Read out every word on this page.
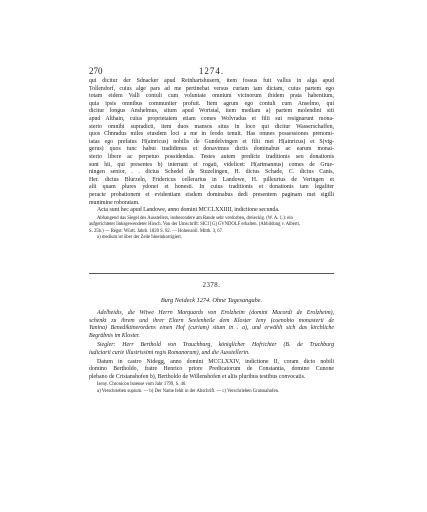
270	1274.

qui dicitur der Sdnacker apud Reinhartshusern, item fossus fuit vallus in alga apud
Tollendorf, cuius alge pars ad me pertinebat versus curiam iam dictam, cuius partem ego
totam eidem Valli contuli cum voluntate omnium vicinorum ibidem prata habentium,
quia ipsis omnibus communiter profuit. Item agrum ego contuli cum Anselmo, qui
dicitur longus Anshelmus, situm apud Wortstal, item mediam a) partem molendini siti
apud Althain, cuius proprietatem etiam comes Wolvradus et filii sui resignarunt mona-
sterio omnibi supradicti, item duos mansos situs in loco qui dicitur Wasserschaffen,
quos Chnradus miles eiusdem loci a me in feodo tenuit. Has omnes possessiones prenomi-
tatas ego prefatus H(ainricus) nobilis de Gundelvingen et filii mei H(ainricus) et S(vig-
gerus) quos tunc habui tradidimus et donavimus dictis dominabus ac earum monai-
sterio libere ac perpetuo possidendas. Testes autem predicte traditionis seu donationis
sunt hii, qui presentes b) interrant et rogati, videlicet: H(artmannus) comes de Grue-
ningen senior, . . dictus Schedel de Stuzelingen, H. dictus Schade, C. dictus Canis,
Her. dictus Blurzeln, Fridericus cellerarius in Landowe, H. pilleurius de Veringen et
alii quam plures ydonei et honesti. In cuius traditionis et donationis tam legaliter
peracte probationem et evidentiam eisdem dominabus dedi presentem paginam mei sigilli
munimine roboratam.
Acta sunt hec apud Landowe, anno domini MCCLXXIIII, indictione secunda.

Abhangend das Siegel des Ausstellers, insbesondere am Rande sehr verdorben, dreieckig. (W. A. 1.): ein
aufgerichteter linksgewendeter Hirsch. Von der Umschrift: SICI [G] GVNDOLF erhalten. (Abbildung v. Alberti,
S. 25b.) — Regst: Württ. Jahrb. 1820 S. 82. — Hohenzoll. Mitth. 3, 67.
a) medium ist über der Zeile hineinkorrigiert.
2378.
Burg Neideck 1274. Ohne Tagesangabe.

Adelheidis, die Witwe Herrn Marquards von Erolzheim (domini Macordi de Erolzheim),
schenkt zu ihrem und ihrer Eltern Seelenheile dem Kloster Ieny (coenobio monasterii de
Yanina) Benediktinerordens einen Hof (curiam) situm in . a), und erwählt sich das kirchliche
Begräbnis im Kloster.

Siegler: Herr Berthold von Trauchburg, königlicher Hofrichter (B. de Truchburg
iudiciarii curie illustrissimi regis Romanorum), und die Ausstellerin.

Datum in castro Nidegg, anno domini MCCLXXIV, indictione II, coram dicto nobili
domino Bertholdo, fratre Henrico priore Predicatorum de Constantia, domino Cunone
plebano de Cristanshofen b), Bertholdo de Willenshofen et aliis pluribus testibus convocatis.

Iseny. Chronicon Isnense vom Jahr 1799, S. 46.
a) Verschrieben supium. — b) Der Name fehlt in der Abschrift. — c) Verschrieben Gratsnahofen.
